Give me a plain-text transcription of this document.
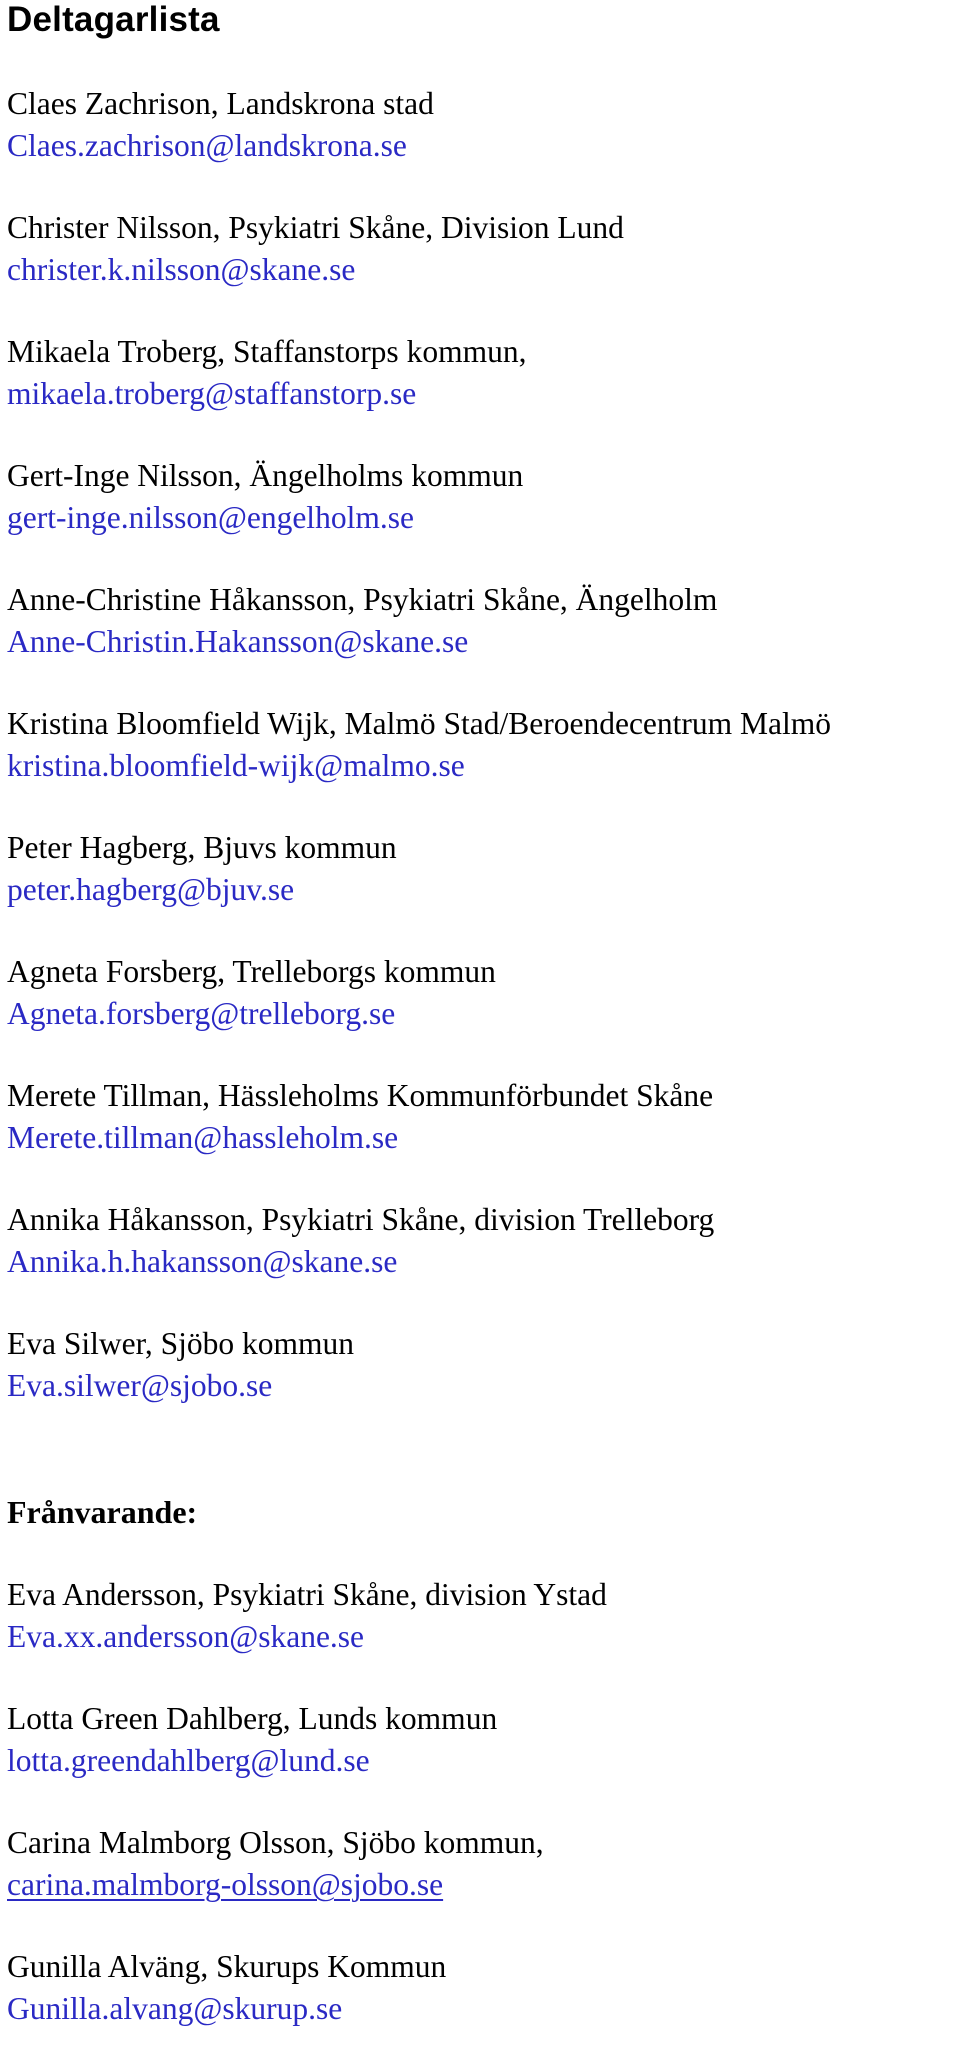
Deltagarlista
Claes Zachrison, Landskrona stad
Claes.zachrison@landskrona.se
Christer Nilsson, Psykiatri Skåne, Division Lund
christer.k.nilsson@skane.se
Mikaela Troberg, Staffanstorps kommun,
mikaela.troberg@staffanstorp.se
Gert-Inge Nilsson, Ängelholms kommun
gert-inge.nilsson@engelholm.se
Anne-Christine Håkansson, Psykiatri Skåne, Ängelholm
Anne-Christin.Hakansson@skane.se
Kristina Bloomfield Wijk, Malmö Stad/Beroendecentrum Malmö
kristina.bloomfield-wijk@malmo.se
Peter Hagberg, Bjuvs kommun
peter.hagberg@bjuv.se
Agneta Forsberg, Trelleborgs kommun
Agneta.forsberg@trelleborg.se
Merete Tillman, Hässleholms Kommunförbundet Skåne
Merete.tillman@hassleholm.se
Annika Håkansson, Psykiatri Skåne, division Trelleborg
Annika.h.hakansson@skane.se
Eva Silwer, Sjöbo kommun
Eva.silwer@sjobo.se
Frånvarande:
Eva Andersson, Psykiatri Skåne, division Ystad
Eva.xx.andersson@skane.se
Lotta Green Dahlberg, Lunds kommun
lotta.greendahlberg@lund.se
Carina Malmborg Olsson, Sjöbo kommun,
carina.malmborg-olsson@sjobo.se
Gunilla Alväng, Skurups Kommun
Gunilla.alvang@skurup.se
